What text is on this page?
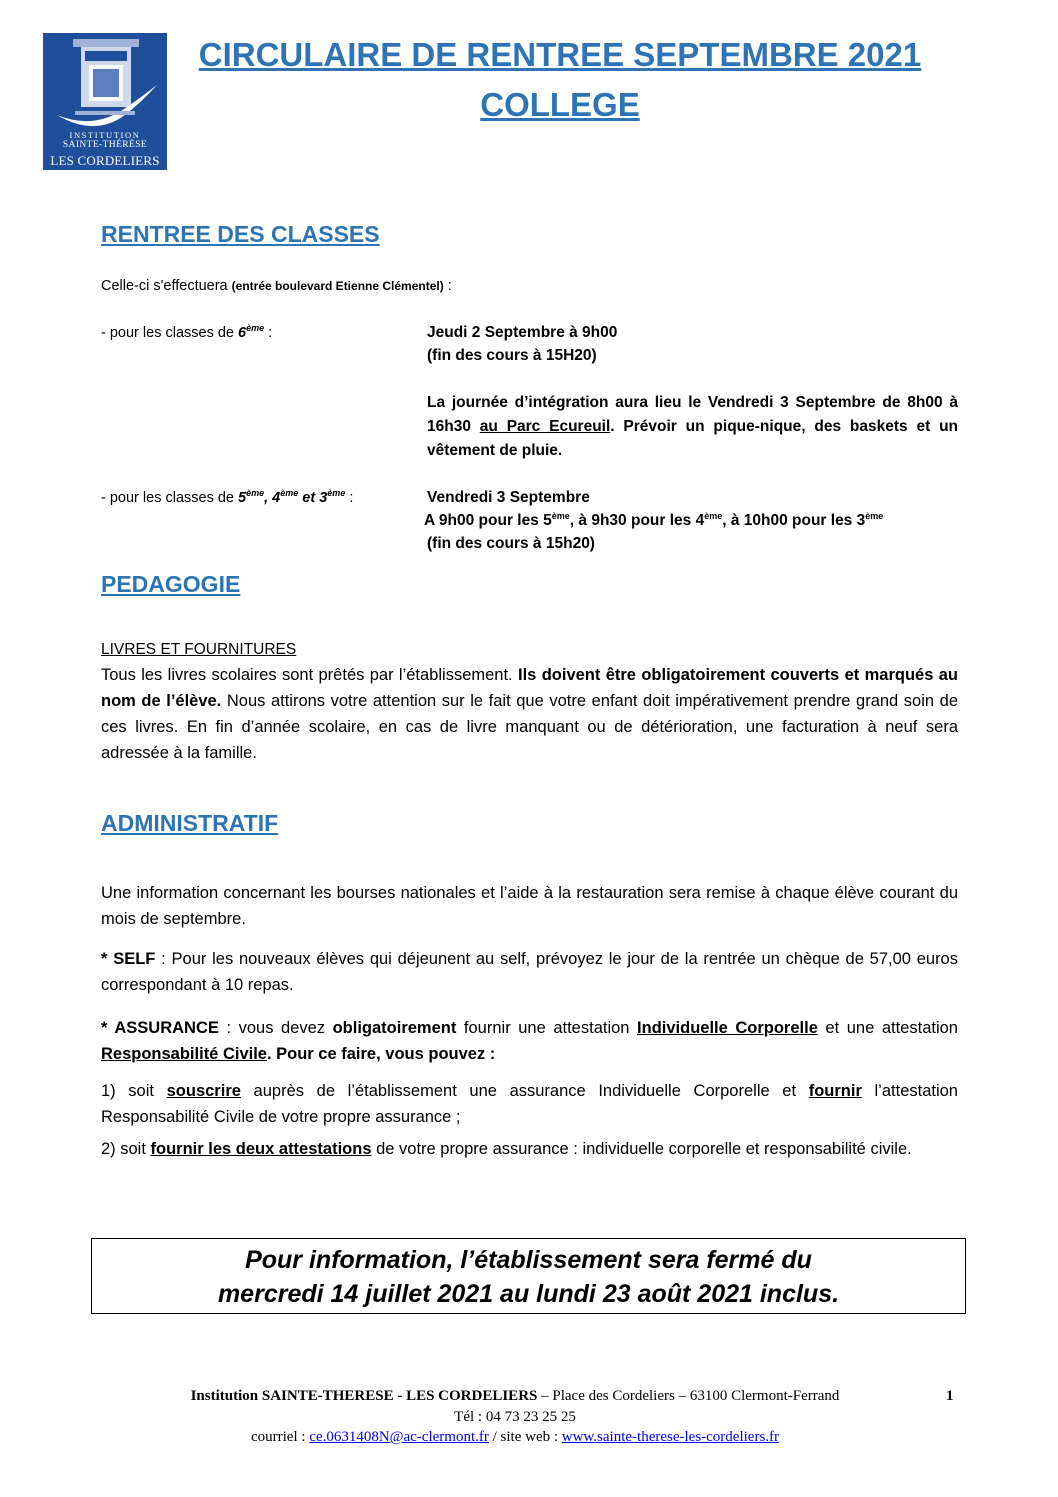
INSTITUTION
SAINTE-THÉRÈSE
LES CORDELIERS
CIRCULAIRE DE RENTREE SEPTEMBRE 2021
COLLEGE
RENTREE DES CLASSES
Celle-ci s'effectuera (entrée boulevard Etienne Clémentel) :
- pour les classes de 6ème :	Jeudi 2 Septembre à 9h00
(fin des cours à 15H20)
La journée d’intégration aura lieu le Vendredi 3 Septembre de 8h00 à 16h30 au Parc Ecureuil. Prévoir un pique-nique, des baskets et un vêtement de pluie.
- pour les classes de 5ème, 4ème et 3ème :	Vendredi 3 Septembre
A 9h00 pour les 5ème, à 9h30 pour les 4ème, à 10h00 pour les 3ème
(fin des cours à 15h20)
PEDAGOGIE
LIVRES ET FOURNITURES
Tous les livres scolaires sont prêtés par l’établissement. Ils doivent être obligatoirement couverts et marqués au nom de l’élève. Nous attirons votre attention sur le fait que votre enfant doit impérativement prendre grand soin de ces livres. En fin d’année scolaire, en cas de livre manquant ou de détérioration, une facturation à neuf sera adressée à la famille.
ADMINISTRATIF
Une information concernant les bourses nationales et l’aide à la restauration sera remise à chaque élève courant du mois de septembre.
* SELF : Pour les nouveaux élèves qui déjeunent au self, prévoyez le jour de la rentrée un chèque de 57,00 euros correspondant à 10 repas.
* ASSURANCE : vous devez obligatoirement fournir une attestation Individuelle Corporelle et une attestation Responsabilité Civile. Pour ce faire, vous pouvez :
1) soit souscrire auprès de l’établissement une assurance Individuelle Corporelle et fournir l’attestation Responsabilité Civile de votre propre assurance ;
2) soit fournir les deux attestations de votre propre assurance : individuelle corporelle et responsabilité civile.
Pour information, l’établissement sera fermé du
mercredi 14 juillet 2021 au lundi 23 août 2021 inclus.
Institution SAINTE-THERESE - LES CORDELIERS – Place des Cordeliers – 63100 Clermont-Ferrand	1
Tél : 04 73 23 25 25
courriel : ce.0631408N@ac-clermont.fr / site web : www.sainte-therese-les-cordeliers.fr
